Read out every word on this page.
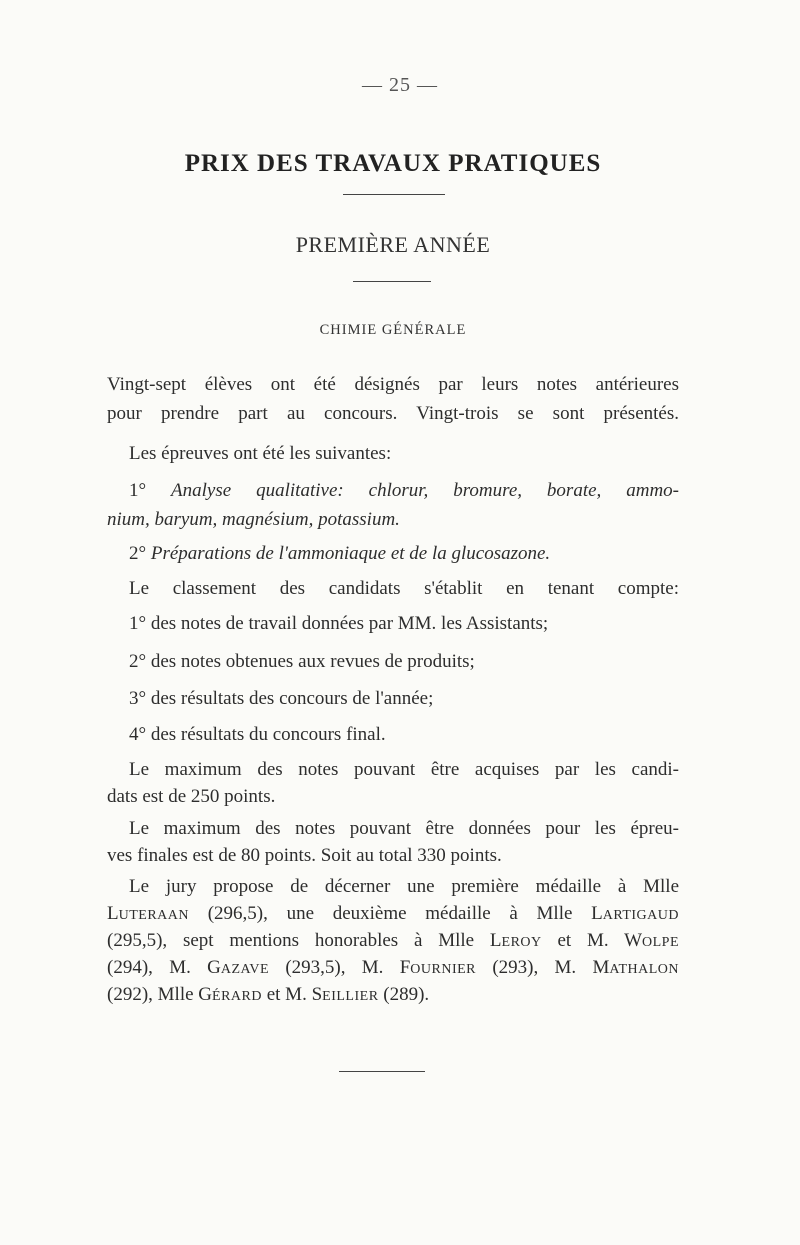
— 25 —
PRIX DES TRAVAUX PRATIQUES
PREMIÈRE ANNÉE
CHIMIE GÉNÉRALE
Vingt-sept élèves ont été désignés par leurs notes antérieures
pour prendre part au concours. Vingt-trois se sont présentés.
Les épreuves ont été les suivantes:
1° Analyse qualitative: chlorur, bromure, borate, ammo-
nium, baryum, magnésium, potassium.
2° Préparations de l'ammoniaque et de la glucosazone.
Le classement des candidats s'établit en tenant compte:
1° des notes de travail données par MM. les Assistants;
2° des notes obtenues aux revues de produits;
3° des résultats des concours de l'année;
4° des résultats du concours final.
Le maximum des notes pouvant être acquises par les candi-
dats est de 250 points.
Le maximum des notes pouvant être données pour les épreu-
ves finales est de 80 points. Soit au total 330 points.
Le jury propose de décerner une première médaille à Mlle
LUTERAAN (296,5), une deuxième médaille à Mlle LARTIGAUD
(295,5), sept mentions honorables à Mlle LEROY et M. WOLPE
(294), M. GAZAVE (293,5), M. FOURNIER (293), M. MATHALON
(292), Mlle GÉRARD et M. SEILLIER (289).
